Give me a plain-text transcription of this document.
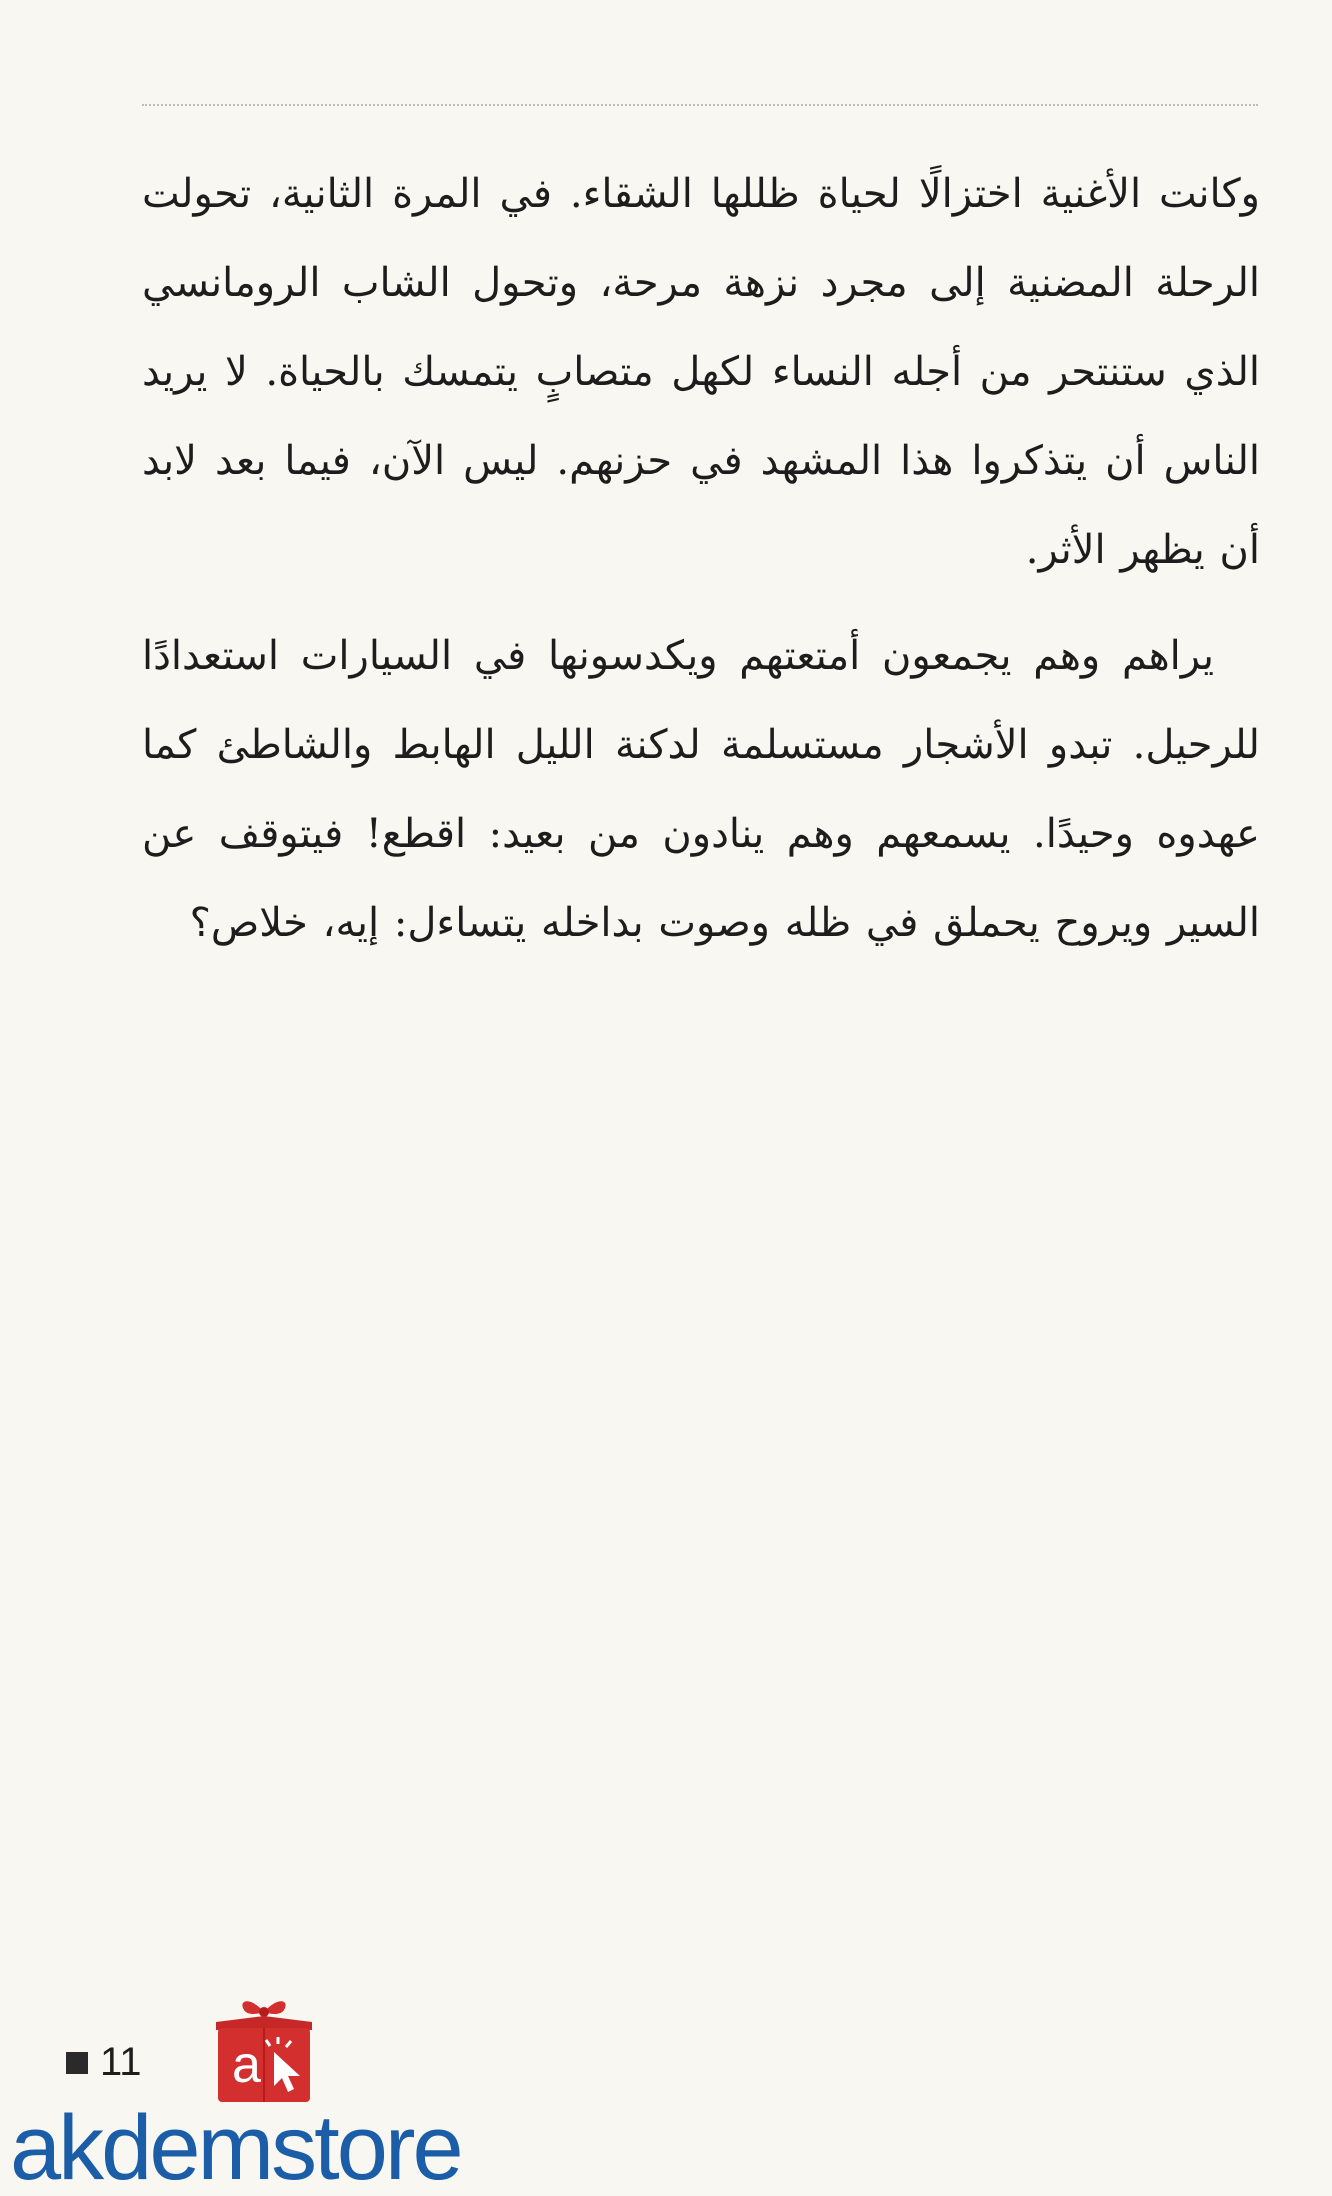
وكانت الأغنية اختزالًا لحياة ظللها الشقاء. في المرة الثانية، تحولت الرحلة المضنية إلى مجرد نزهة مرحة، وتحول الشاب الرومانسي الذي ستنتحر من أجله النساء لكهل متصابٍ يتمسك بالحياة. لا يريد الناس أن يتذكروا هذا المشهد في حزنهم. ليس الآن، فيما بعد لابد أن يظهر الأثر.

يراهم وهم يجمعون أمتعتهم ويكدسونها في السيارات استعدادًا للرحيل. تبدو الأشجار مستسلمة لدكنة الليل الهابط والشاطئ كما عهدوه وحيدًا. يسمعهم وهم ينادون من بعيد: اقطع! فيتوقف عن السير ويروح يحملق في ظله وصوت بداخله يتساءل: إيه، خلاص؟

11 a
a kdemstore
